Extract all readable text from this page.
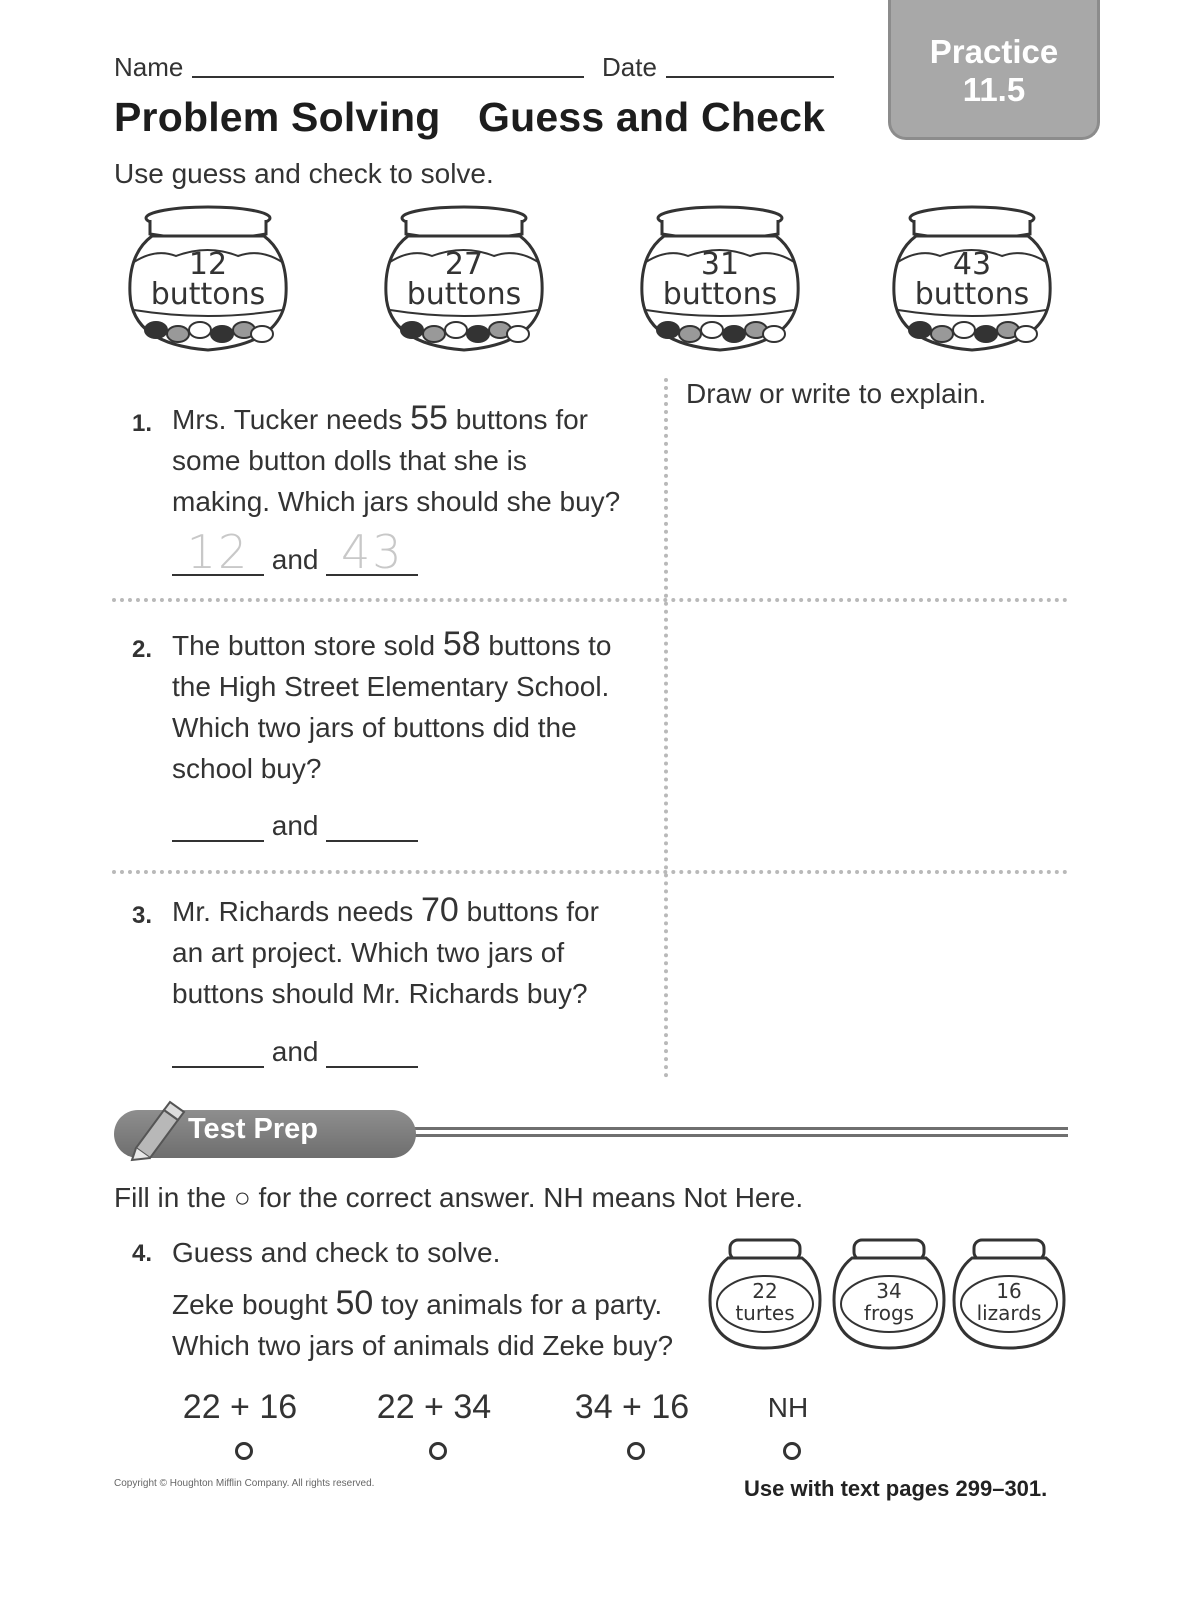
Name	Date	Practice
11.5
Problem Solving Guess and Check
Use guess and check to solve.
12
buttons
27
buttons
31
buttons
43
buttons
Draw or write to explain.
1. Mrs. Tucker needs 55 buttons for
some button dolls that she is
making. Which jars should she buy?
12 and 43
2. The button store sold 58 buttons to
the High Street Elementary School.
Which two jars of buttons did the
school buy?
and
3. Mr. Richards needs 70 buttons for
an art project. Which two jars of
buttons should Mr. Richards buy?
and
Test Prep
Fill in the ○ for the correct answer. NH means Not Here.
4. Guess and check to solve.
Zeke bought 50 toy animals for a party.
Which two jars of animals did Zeke buy?
22
turtes
34
frogs
16
lizards
22 + 16	22 + 34	34 + 16	NH
Copyright © Houghton Mifflin Company. All rights reserved.	Use with text pages 299–301.
